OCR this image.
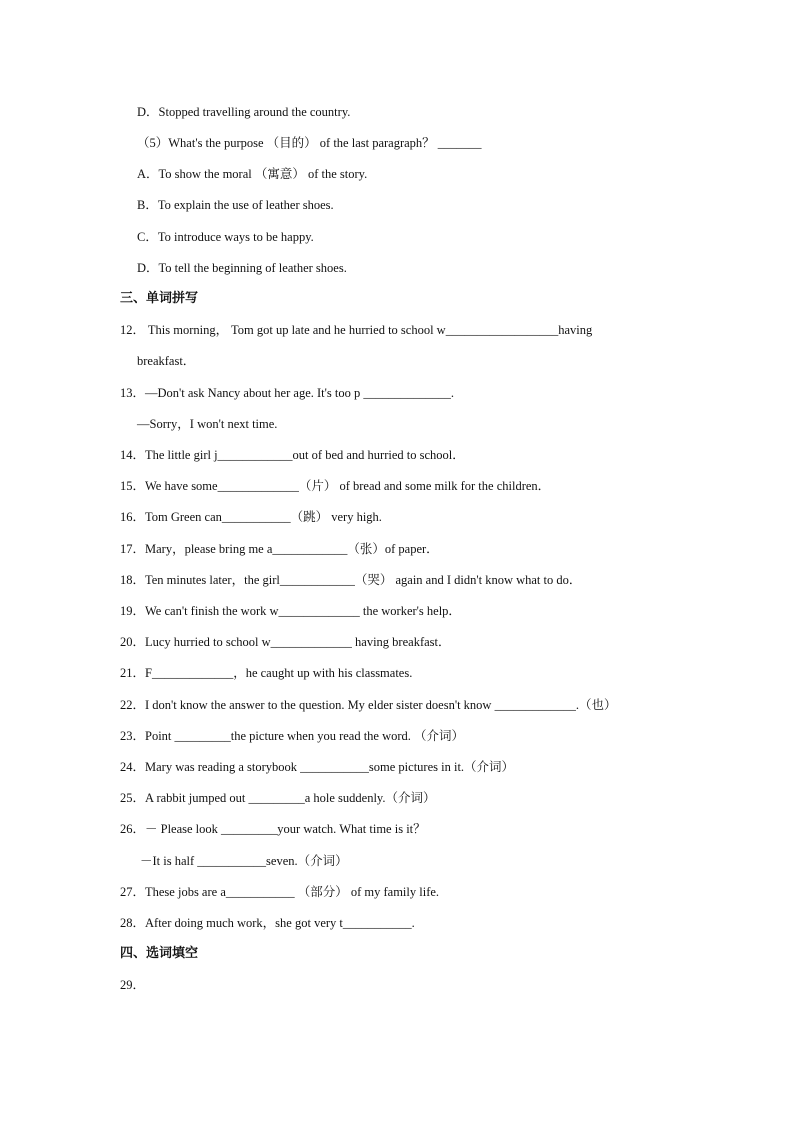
D．Stopped travelling around the country.
（5）What's the purpose （目的） of the last paragraph？ _______
A．To show the moral （寓意） of the story.
B．To explain the use of leather shoes.
C．To introduce ways to be happy.
D．To tell the beginning of leather shoes.
三、单词拼写
12． This morning， Tom got up late and he hurried to school w__________________having
breakfast．
13．—Don't ask Nancy about her age. It's too p ______________.
—Sorry，I won't next time.
14．The little girl j____________out of bed and hurried to school．
15．We have some_____________（片） of bread and some milk for the children．
16．Tom Green can___________（跳） very high.
17．Mary，please bring me a____________（张）of paper．
18．Ten minutes later，the girl____________（哭） again and I didn't know what to do．
19．We can't finish the work w_____________ the worker's help．
20．Lucy hurried to school w_____________ having breakfast．
21．F_____________，he caught up with his classmates.
22．I don't know the answer to the question. My elder sister doesn't know _____________.（也）
23．Point _________the picture when you read the word. （介词）
24．Mary was reading a storybook ___________some pictures in it.（介词）
25．A rabbit jumped out _________a hole suddenly.（介词）
26．－ Please look _________your watch. What time is it？
－It is half ___________seven.（介词）
27．These jobs are a___________ （部分） of my family life.
28．After doing much work，she got very t___________.
四、选词填空
29．
